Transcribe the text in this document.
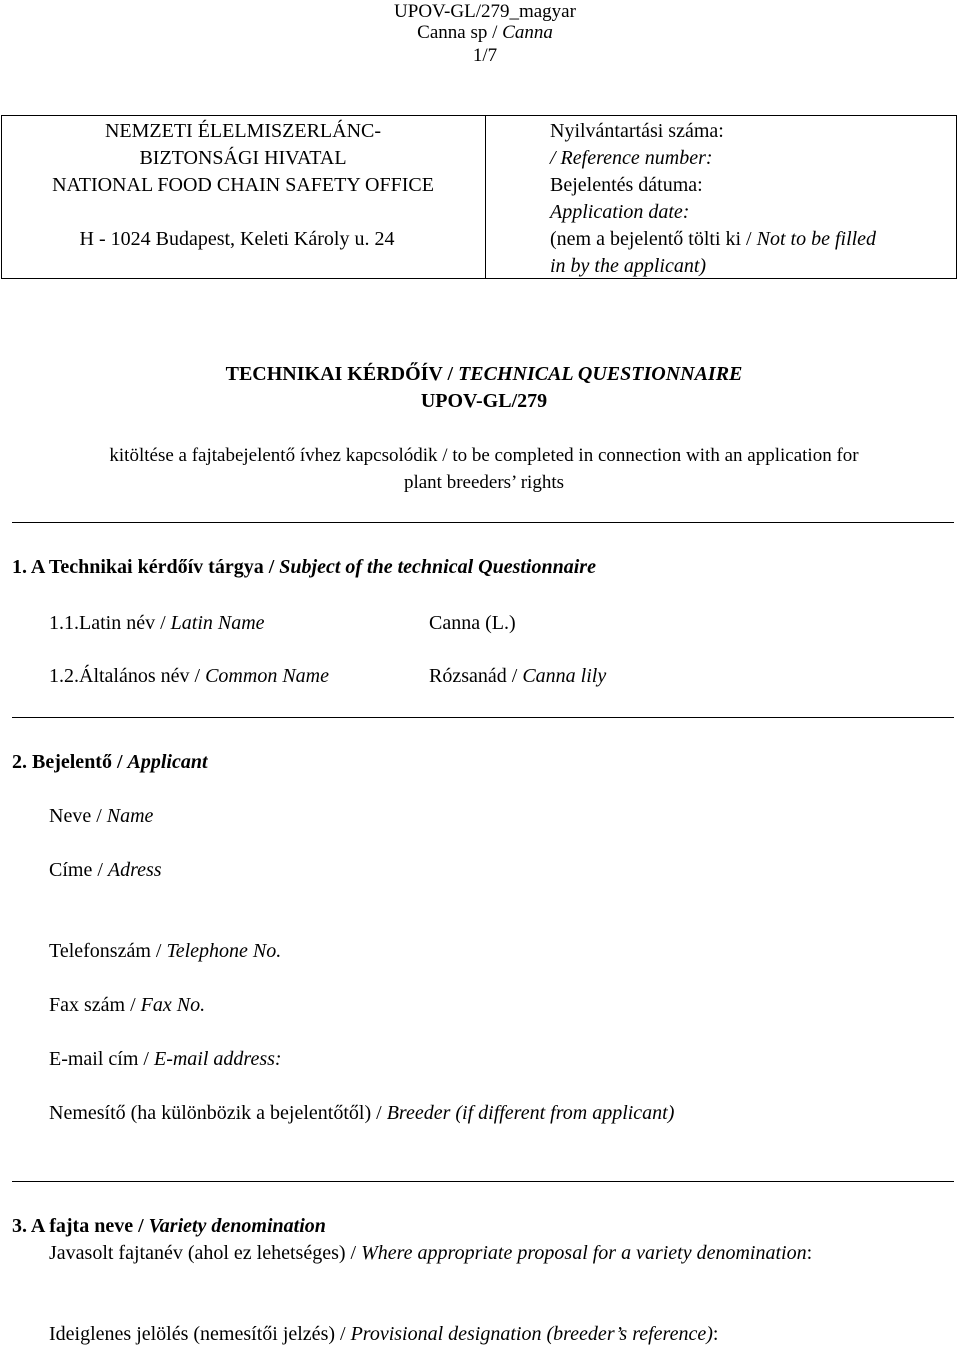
UPOV-GL/279_magyar
Canna sp / Canna
1/7
NEMZETI ÉLELMISZERLÁNC-
BIZTONSÁGI HIVATAL
NATIONAL FOOD CHAIN SAFETY OFFICE
H - 1024 Budapest, Keleti Károly u. 24
Nyilvántartási száma:
/ Reference number:
Bejelentés dátuma:
Application date:
(nem a bejelentő tölti ki / Not to be filled
in by the applicant)
TECHNIKAI KÉRDŐÍV / TECHNICAL QUESTIONNAIRE
UPOV-GL/279
kitöltése a fajtabejelentő ívhez kapcsolódik / to be completed in connection with an application for
plant breeders’ rights
1. A Technikai kérdőív tárgya / Subject of the technical Questionnaire
1.1.Latin név / Latin Name	Canna (L.)
1.2.Általános név / Common Name	Rózsanád / Canna lily
2. Bejelentő / Applicant
Neve / Name
Címe / Adress
Telefonszám / Telephone No.
Fax szám / Fax No.
E-mail cím / E-mail address:
Nemesítő (ha különbözik a bejelentőtől) / Breeder (if different from applicant)
3. A fajta neve / Variety denomination
Javasolt fajtanév (ahol ez lehetséges) / Where appropriate proposal for a variety denomination:
Ideiglenes jelölés (nemesítői jelzés) / Provisional designation (breeder’s reference):
